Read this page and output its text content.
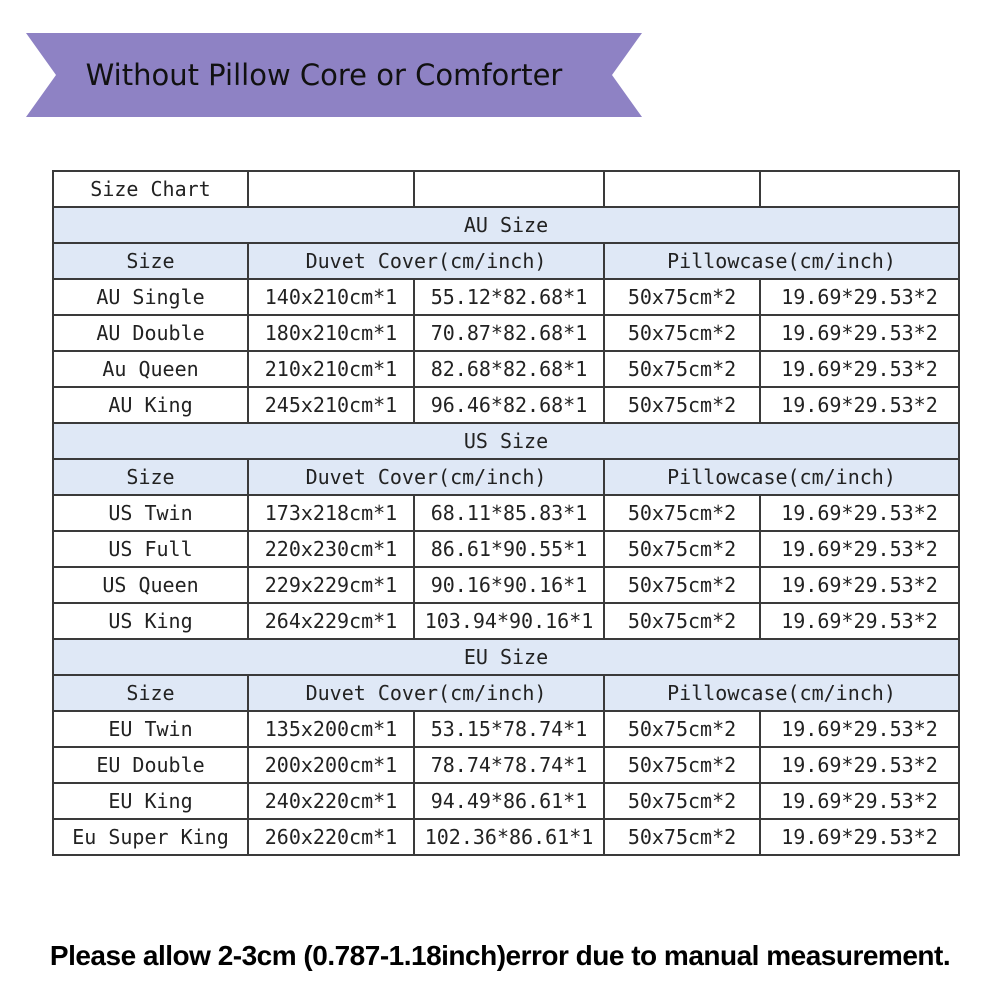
Without Pillow Core or Comforter
Size Chart				
AU Size				
Size	Duvet Cover(cm/inch)		Pillowcase(cm/inch)	
AU Single	140x210cm*1	55.12*82.68*1	50x75cm*2	19.69*29.53*2
AU Double	180x210cm*1	70.87*82.68*1	50x75cm*2	19.69*29.53*2
Au Queen	210x210cm*1	82.68*82.68*1	50x75cm*2	19.69*29.53*2
AU King	245x210cm*1	96.46*82.68*1	50x75cm*2	19.69*29.53*2
US Size				
Size	Duvet Cover(cm/inch)		Pillowcase(cm/inch)	
US Twin	173x218cm*1	68.11*85.83*1	50x75cm*2	19.69*29.53*2
US Full	220x230cm*1	86.61*90.55*1	50x75cm*2	19.69*29.53*2
US Queen	229x229cm*1	90.16*90.16*1	50x75cm*2	19.69*29.53*2
US King	264x229cm*1	103.94*90.16*1	50x75cm*2	19.69*29.53*2
EU Size				
Size	Duvet Cover(cm/inch)		Pillowcase(cm/inch)	
EU Twin	135x200cm*1	53.15*78.74*1	50x75cm*2	19.69*29.53*2
EU Double	200x200cm*1	78.74*78.74*1	50x75cm*2	19.69*29.53*2
EU King	240x220cm*1	94.49*86.61*1	50x75cm*2	19.69*29.53*2
Eu Super King	260x220cm*1	102.36*86.61*1	50x75cm*2	19.69*29.53*2
Please allow 2-3cm (0.787-1.18inch)error due to manual measurement.
